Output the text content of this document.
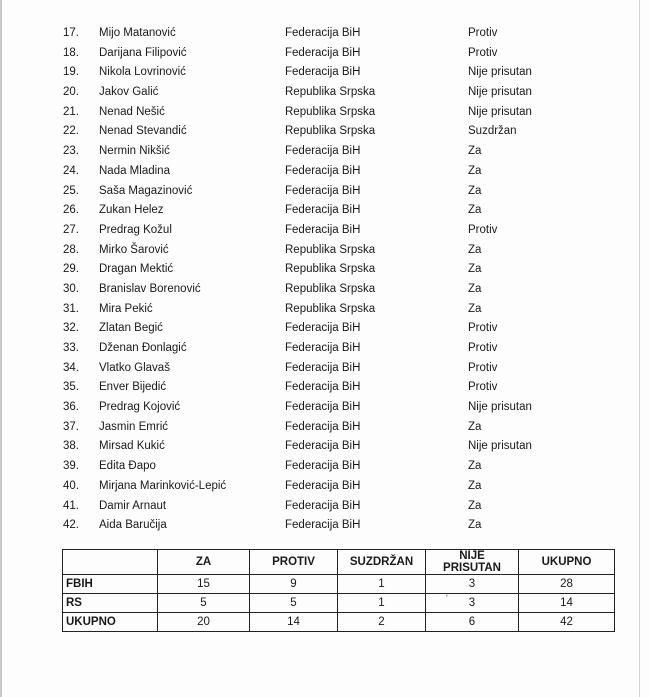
17. Mijo Matanović	Federacija BiH	Protiv
18. Darijana Filipović	Federacija BiH	Protiv
19. Nikola Lovrinović	Federacija BiH	Nije prisutan
20. Jakov Galić	Republika Srpska	Nije prisutan
21. Nenad Nešić	Republika Srpska	Nije prisutan
22. Nenad Stevandić	Republika Srpska	Suzdržan
23. Nermin Nikšić	Federacija BiH	Za
24. Nada Mladina	Federacija BiH	Za
25. Saša Magazinović	Federacija BiH	Za
26. Zukan Helez	Federacija BiH	Za
27. Predrag Kožul	Federacija BiH	Protiv
28. Mirko Šarović	Republika Srpska	Za
29. Dragan Mektić	Republika Srpska	Za
30. Branislav Borenović	Republika Srpska	Za
31. Mira Pekić	Republika Srpska	Za
32. Zlatan Begić	Federacija BiH	Protiv
33. Dženan Đonlagić	Federacija BiH	Protiv
34. Vlatko Glavaš	Federacija BiH	Protiv
35. Enver Bijedić	Federacija BiH	Protiv
36. Predrag Kojović	Federacija BiH	Nije prisutan
37. Jasmin Emrić	Federacija BiH	Za
38. Mirsad Kukić	Federacija BiH	Nije prisutan
39. Edita Đapo	Federacija BiH	Za
40. Mirjana Marinković-Lepić	Federacija BiH	Za
41. Damir Arnaut	Federacija BiH	Za
42. Aida Baručija	Federacija BiH	Za
	ZA	PROTIV	SUZDRŽAN	NIJE PRISUTAN	UKUPNO
FBIH	15	9	1	3	28
RS	5	5	1	3	14
UKUPNO	20	14	2	6	42
'
